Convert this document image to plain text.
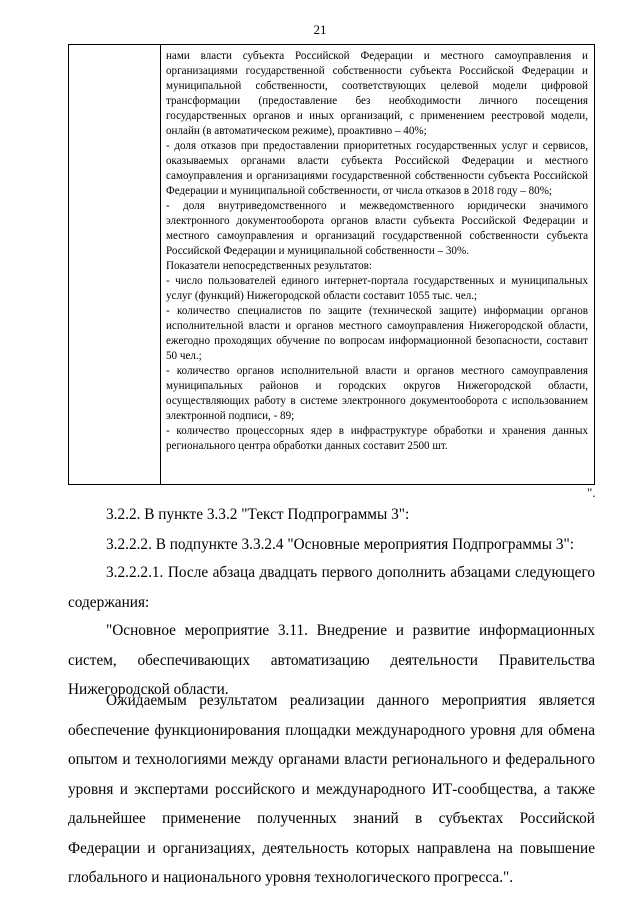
21

нами власти субъекта Российской Федерации и местного самоуправления и организациями государственной собственности субъекта Российской Федерации и муниципальной собственности, соответствующих целевой модели цифровой трансформации (предоставление без необходимости личного посещения государственных органов и иных организаций, с применением реестровой модели, онлайн (в автоматическом режиме), проактивно – 40%;

- доля отказов при предоставлении приоритетных государственных услуг и сервисов, оказываемых органами власти субъекта Российской Федерации и местного самоуправления и организациями государственной собственности субъекта Российской Федерации и муниципальной собственности, от числа отказов в 2018 году – 80%;

- доля внутриведомственного и межведомственного юридически значимого электронного документооборота органов власти субъекта Российской Федерации и местного самоуправления и организаций государственной собственности субъекта Российской Федерации и муниципальной собственности – 30%.

Показатели непосредственных результатов:

- число пользователей единого интернет-портала государственных и муниципальных услуг (функций) Нижегородской области составит 1055 тыс. чел.;

- количество специалистов по защите (технической защите) информации органов исполнительной власти и органов местного самоуправления Нижегородской области, ежегодно проходящих обучение по вопросам информационной безопасности, составит 50 чел.;

- количество органов исполнительной власти и органов местного самоуправления муниципальных районов и городских округов Нижегородской области, осуществляющих работу в системе электронного документооборота с использованием электронной подписи, - 89;

- количество процессорных ядер в инфраструктуре обработки и хранения данных регионального центра обработки данных составит 2500 шт.

".

3.2.2. В пункте 3.3.2 "Текст Подпрограммы 3":

3.2.2.2. В подпункте 3.3.2.4 "Основные мероприятия Подпрограммы 3":

3.2.2.2.1. После абзаца двадцать первого дополнить абзацами следующего содержания:

"Основное мероприятие 3.11. Внедрение и развитие информационных систем, обеспечивающих автоматизацию деятельности Правительства Нижегородской области.

Ожидаемым результатом реализации данного мероприятия является обеспечение функционирования площадки международного уровня для обмена опытом и технологиями между органами власти регионального и федерального уровня и экспертами российского и международного ИТ-сообщества, а также дальнейшее применение полученных знаний в субъектах Российской Федерации и организациях, деятельность которых направлена на повышение глобального и национального уровня технологического прогресса.".
